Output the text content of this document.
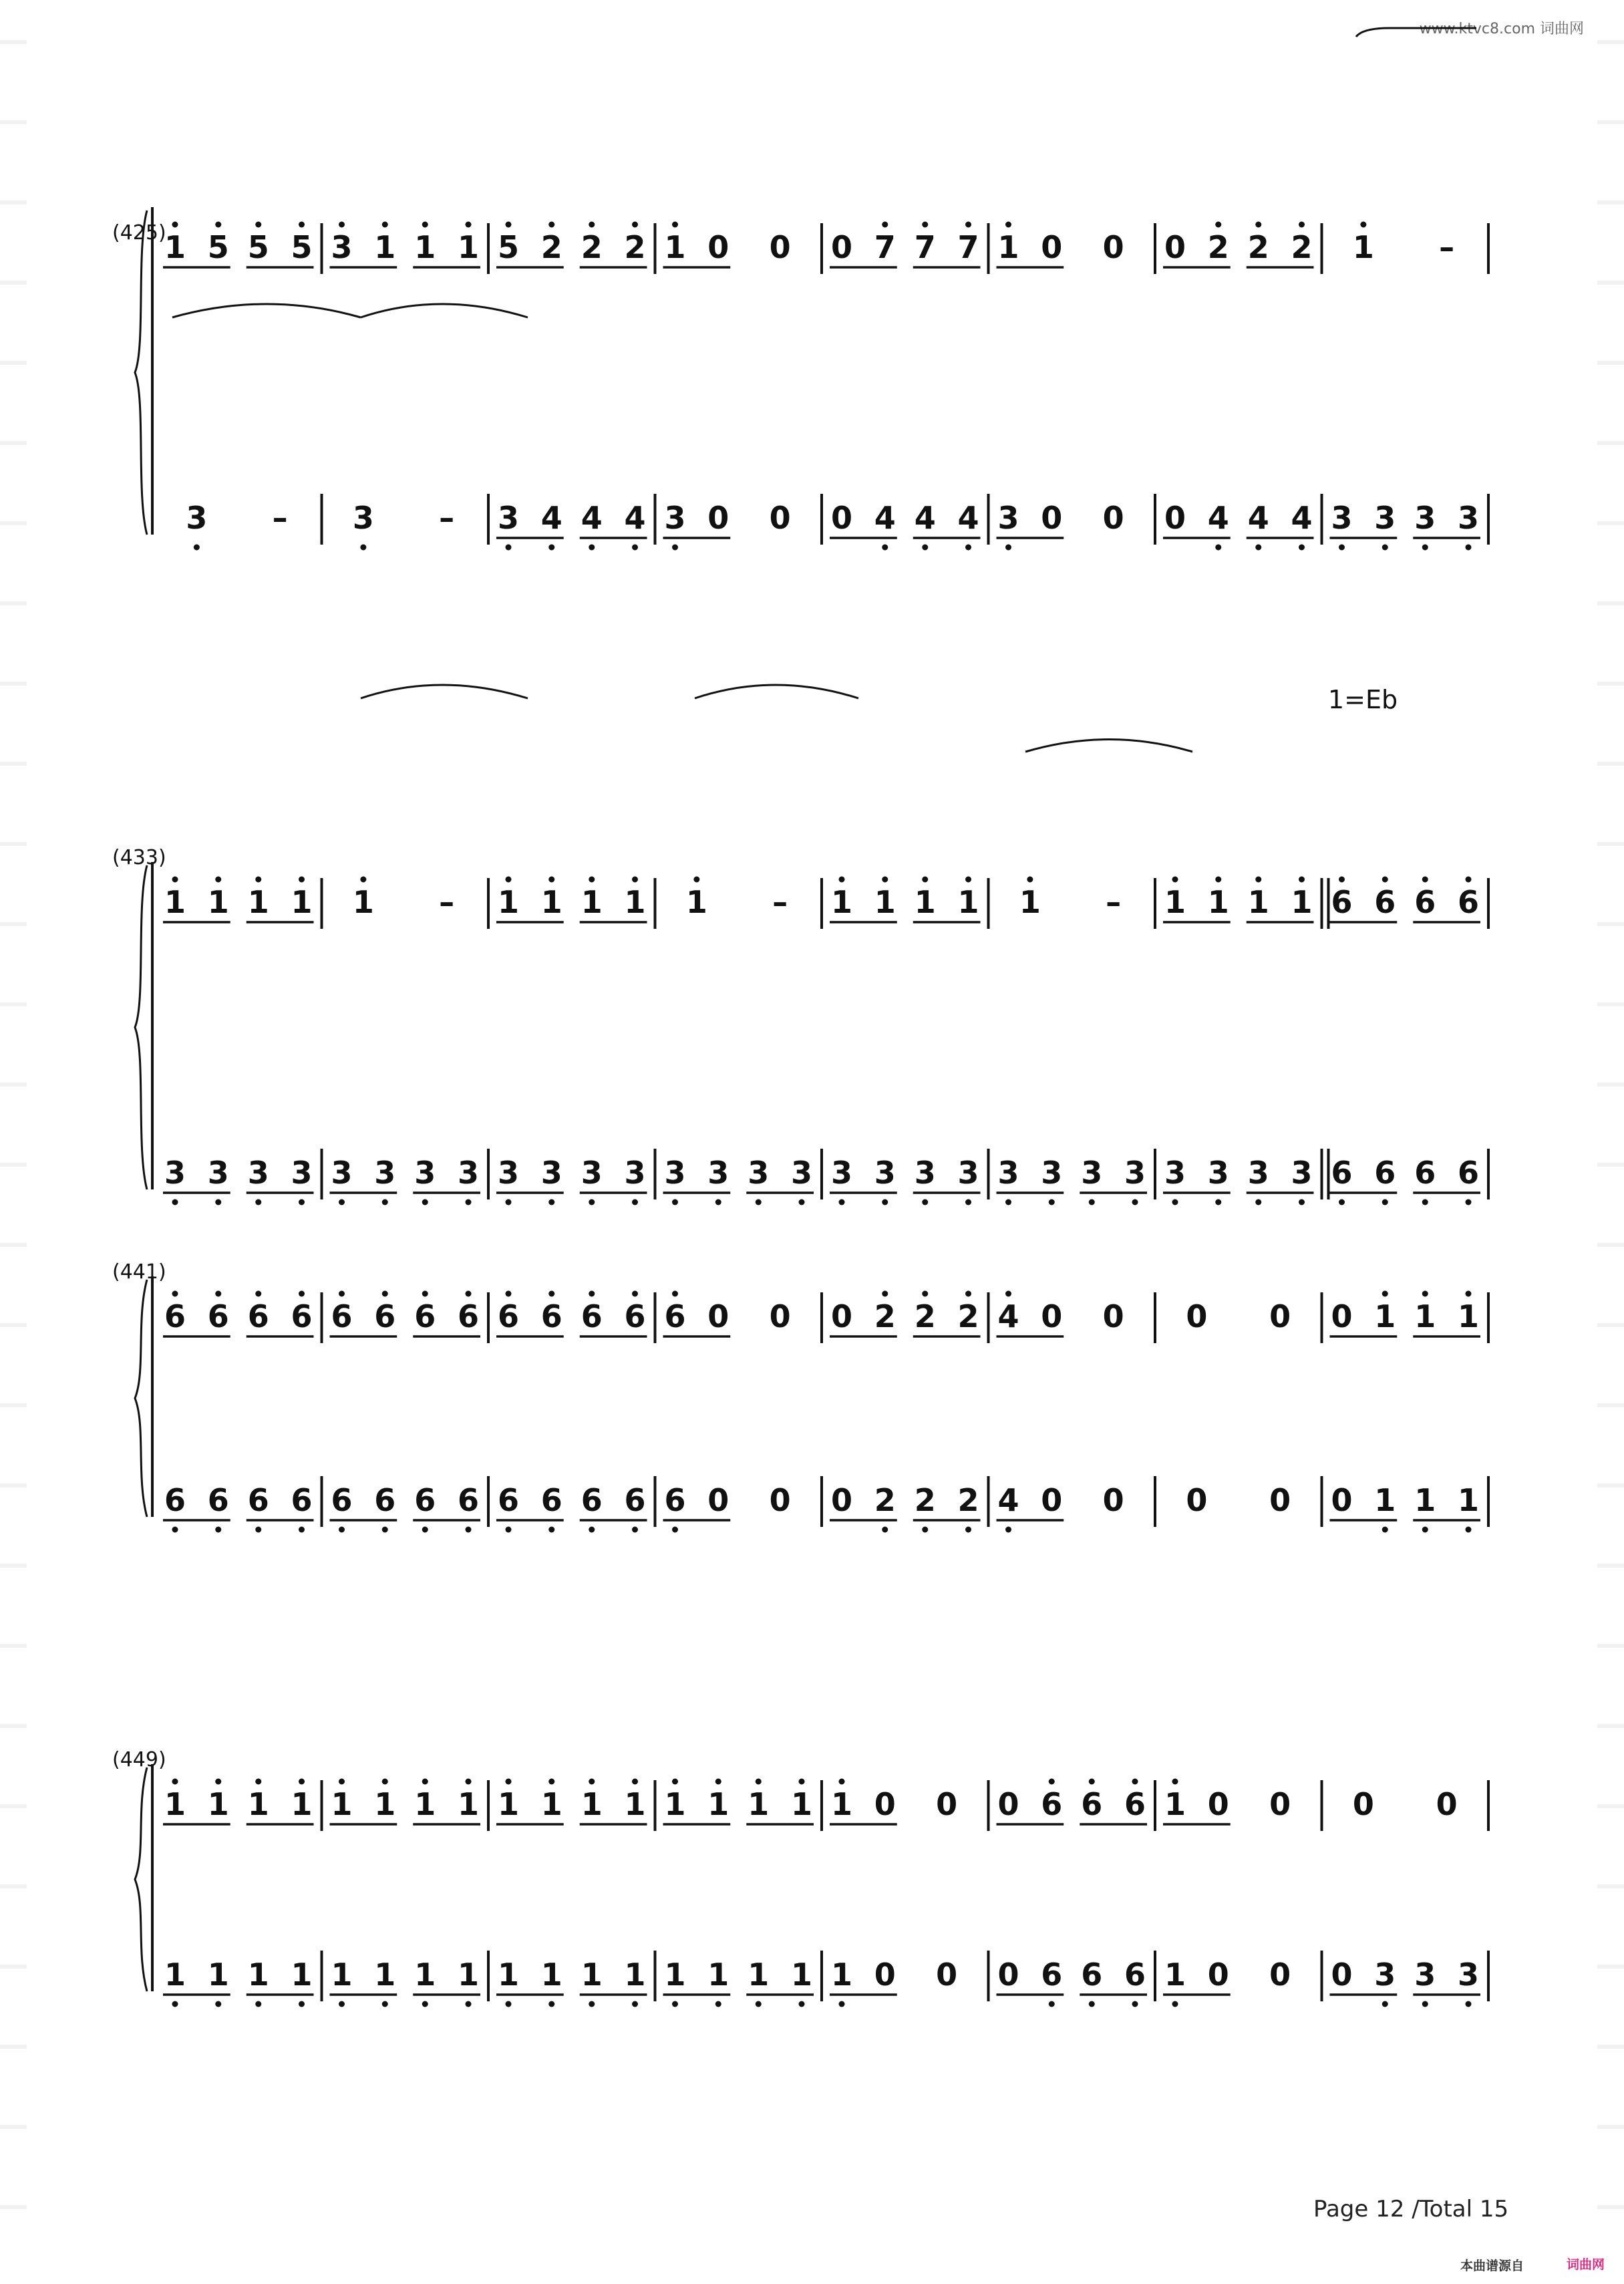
www.ktvc8.com 词曲网
(425)
1 5 5 5 3 1 1 1 5 2 2 2 1 0 0 0 7 7 7 1 0 0 0 2 2 2 1 –
3 – 3 – 3 4 4 4 3 0 0 0 4 4 4 3 0 0 0 4 4 4 3 3 3 3
(433)
1 1 1 1 1 – 1 1 1 1 1 – 1 1 1 1 1 – 1 1 1 1 6 6 6 6
3 3 3 3 3 3 3 3 3 3 3 3 3 3 3 3 3 3 3 3 3 3 3 3 3 3 3 3 6 6 6 6
1=Eb
(441)
6 6 6 6 6 6 6 6 6 6 6 6 6 0 0 0 2 2 2 4 0 0 0 0 0 1 1 1
6 6 6 6 6 6 6 6 6 6 6 6 6 0 0 0 2 2 2 4 0 0 0 0 0 1 1 1
(449)
1 1 1 1 1 1 1 1 1 1 1 1 1 1 1 1 1 0 0 0 6 6 6 1 0 0 0 0
1 1 1 1 1 1 1 1 1 1 1 1 1 1 1 1 1 0 0 0 6 6 6 1 0 0 0 3 3 3
Page 12 /Total 15
本曲谱源自	词曲网
